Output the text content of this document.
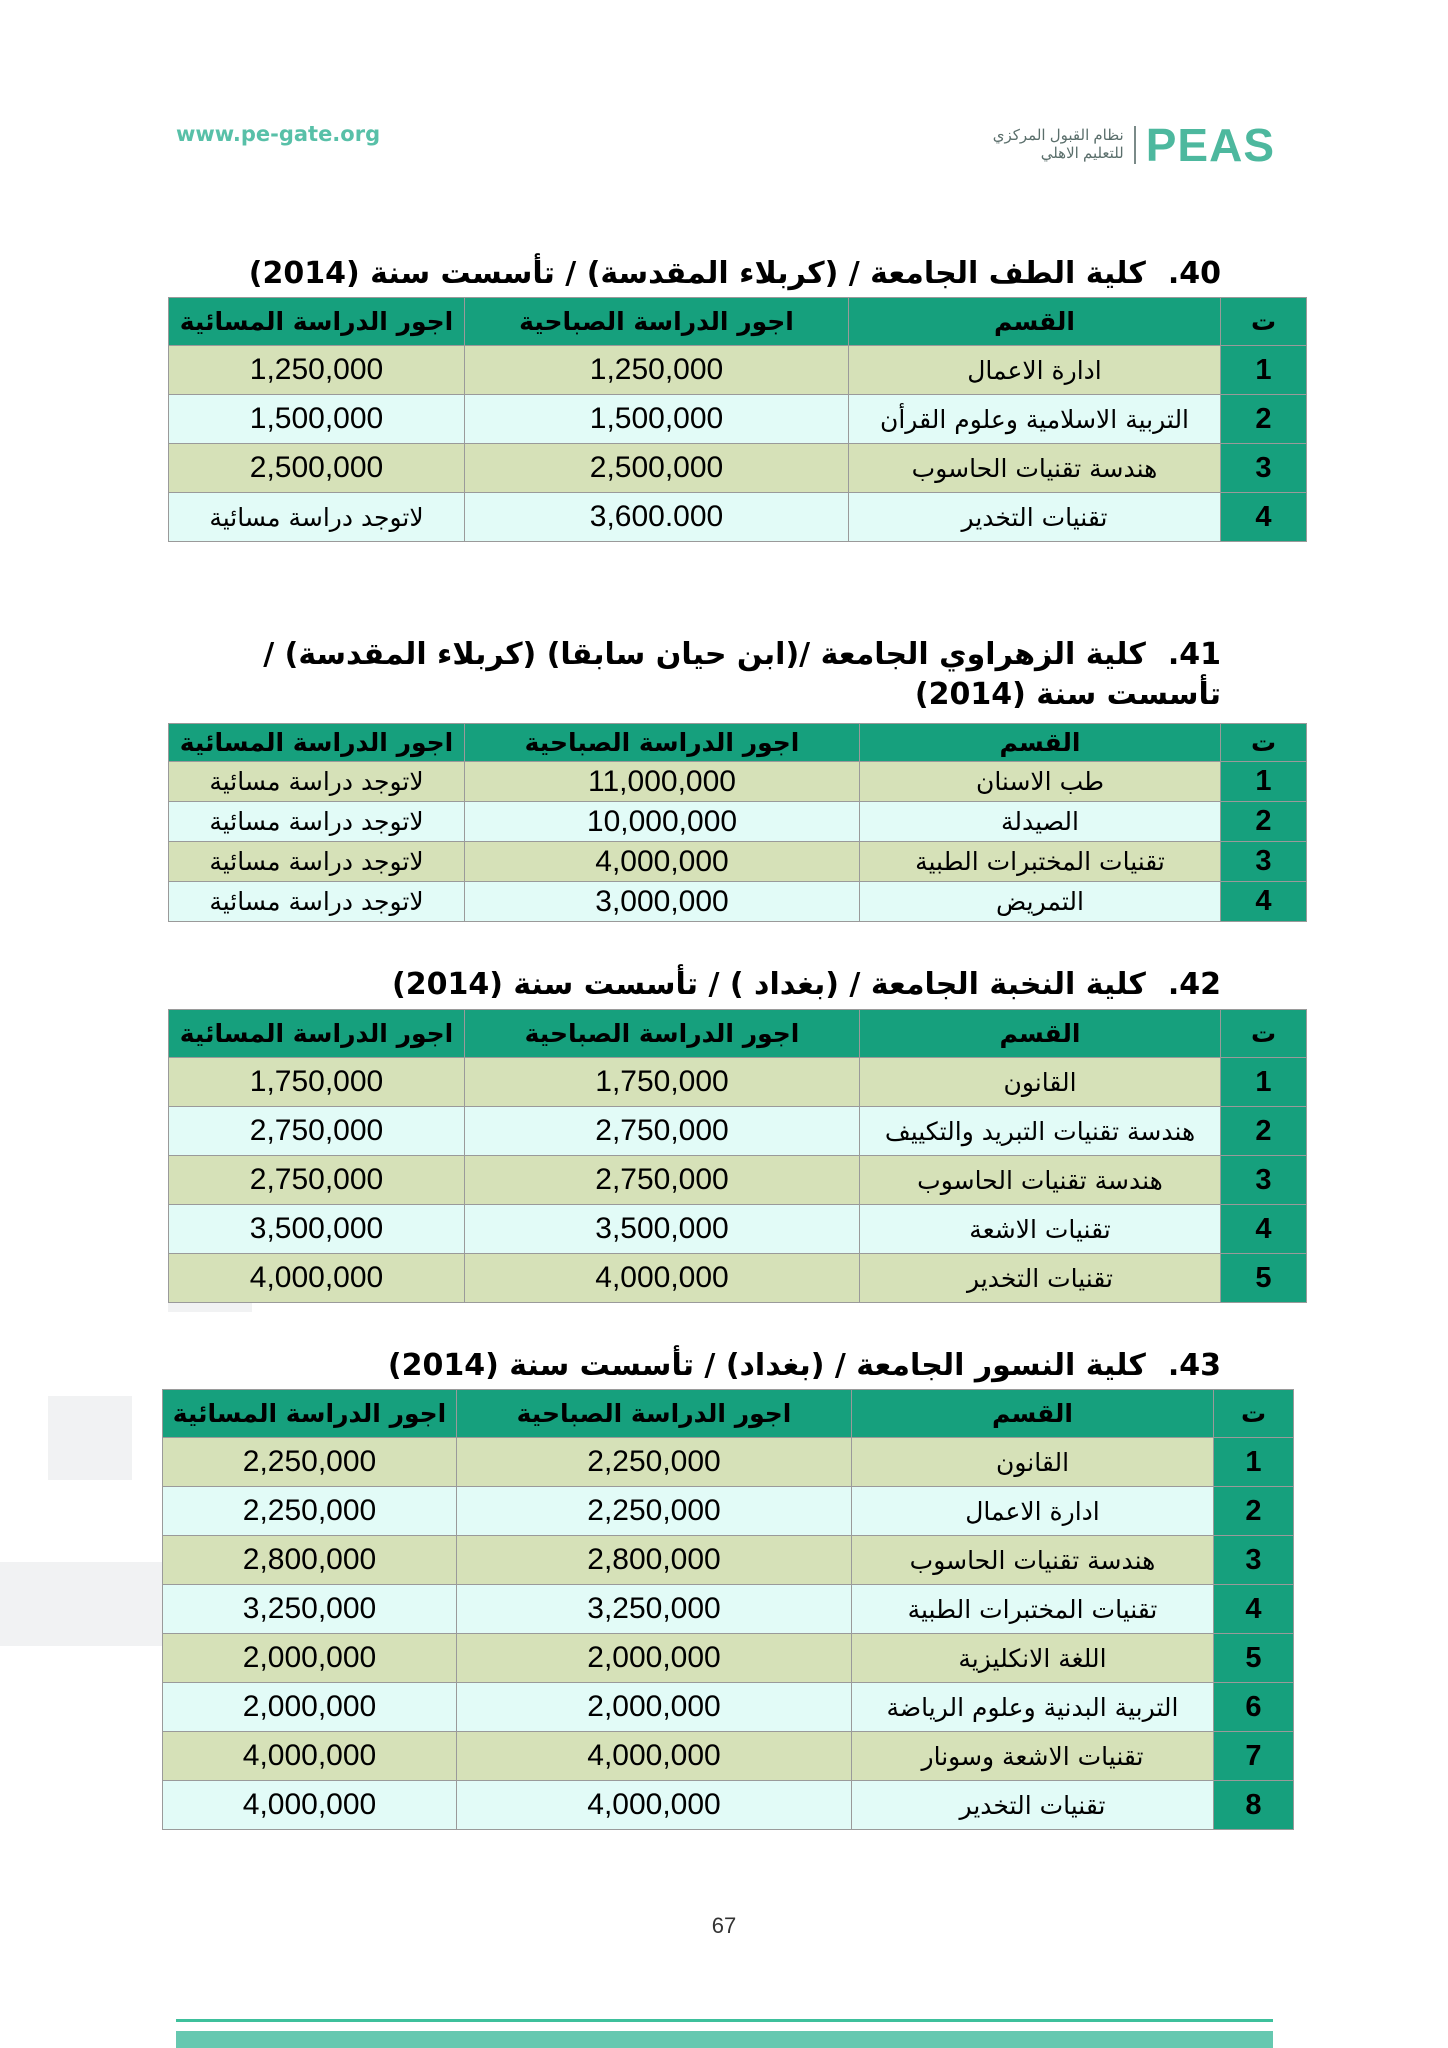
www.pe-gate.org	نظام القبول المركزي
للتعليم الاهلي PEAS
40.كلية الطف الجامعة / (كربلاء المقدسة) / تأسست سنة (2014)
ت	القسم	اجور الدراسة الصباحية	اجور الدراسة المسائية
1	ادارة الاعمال	1,250,000	1,250,000
2	التربية الاسلامية وعلوم القرأن	1,500,000	1,500,000
3	هندسة تقنيات الحاسوب	2,500,000	2,500,000
4	تقنيات التخدير	3,600.000	لاتوجد دراسة مسائية
41.كلية الزهراوي الجامعة /(ابن حيان سابقا) (كربلاء المقدسة) / تأسست سنة (2014)
ت	القسم	اجور الدراسة الصباحية	اجور الدراسة المسائية
1	طب الاسنان	11,000,000	لاتوجد دراسة مسائية
2	الصيدلة	10,000,000	لاتوجد دراسة مسائية
3	تقنيات المختبرات الطبية	4,000,000	لاتوجد دراسة مسائية
4	التمريض	3,000,000	لاتوجد دراسة مسائية
42.كلية النخبة الجامعة / (بغداد ) / تأسست سنة (2014)
ت	القسم	اجور الدراسة الصباحية	اجور الدراسة المسائية
1	القانون	1,750,000	1,750,000
2	هندسة تقنيات التبريد والتكييف	2,750,000	2,750,000
3	هندسة تقنيات الحاسوب	2,750,000	2,750,000
4	تقنيات الاشعة	3,500,000	3,500,000
5	تقنيات التخدير	4,000,000	4,000,000
43.كلية النسور الجامعة / (بغداد) / تأسست سنة (2014)
ت	القسم	اجور الدراسة الصباحية	اجور الدراسة المسائية
1	القانون	2,250,000	2,250,000
2	ادارة الاعمال	2,250,000	2,250,000
3	هندسة تقنيات الحاسوب	2,800,000	2,800,000
4	تقنيات المختبرات الطبية	3,250,000	3,250,000
5	اللغة الانكليزية	2,000,000	2,000,000
6	التربية البدنية وعلوم الرياضة	2,000,000	2,000,000
7	تقنيات الاشعة وسونار	4,000,000	4,000,000
8	تقنيات التخدير	4,000,000	4,000,000
67
